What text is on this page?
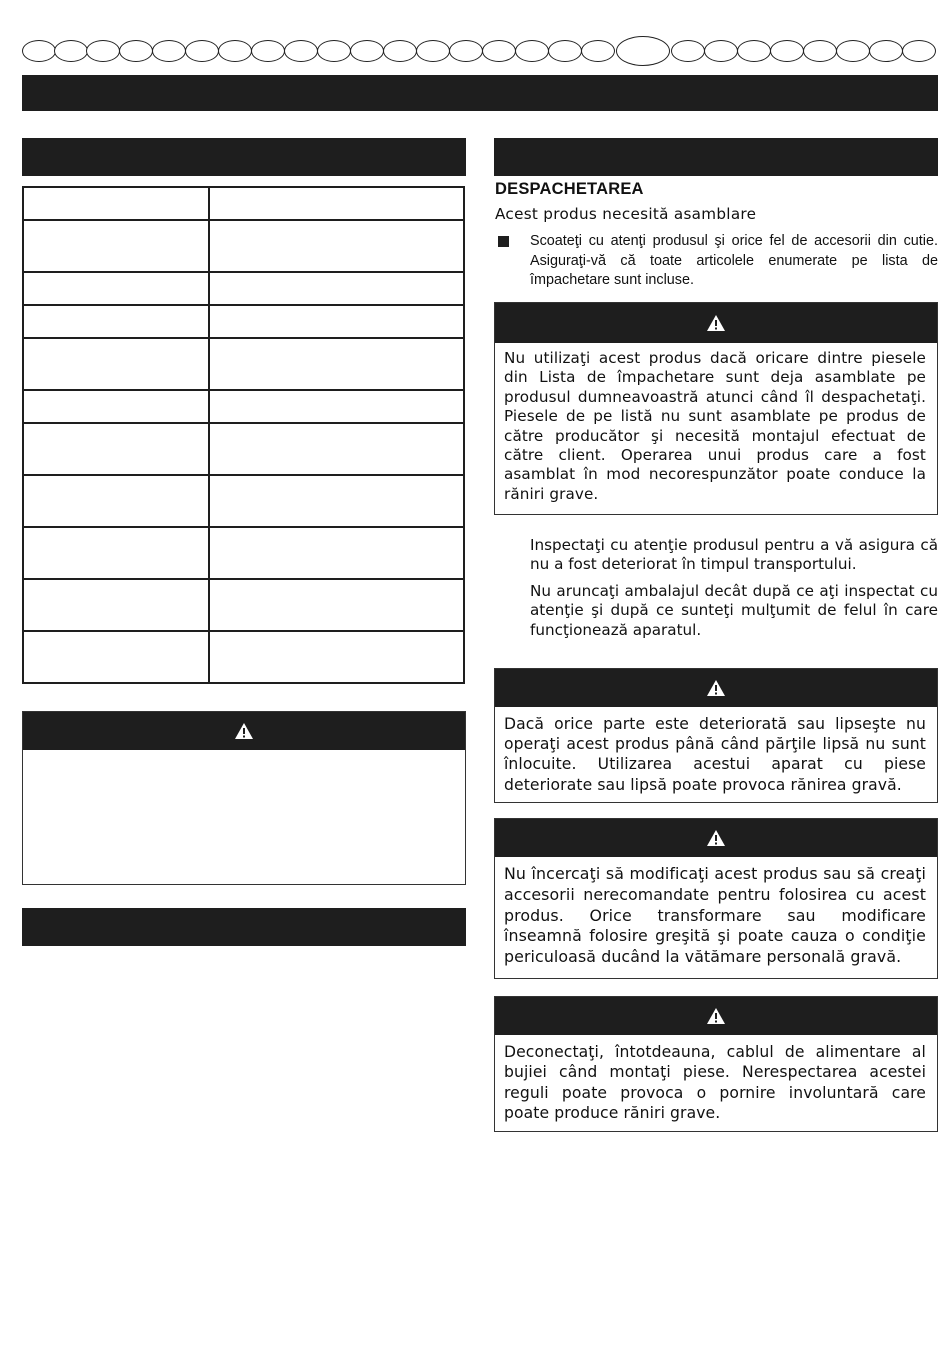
DESPACHETAREA
Acest produs necesită asamblare
Scoateţi cu atenţi produsul şi orice fel de accesorii din cutie. Asiguraţi-vă că toate articolele enumerate pe lista de împachetare sunt incluse.
Nu utilizaţi acest produs dacă oricare dintre piesele din Lista de împachetare sunt deja asamblate pe produsul dumneavoastră atunci când îl despachetaţi. Piesele de pe listă nu sunt asamblate pe produs de către producător şi necesită montajul efectuat de către client. Operarea unui produs care a fost asamblat în mod necorespunzător poate conduce la răniri grave.
Inspectaţi cu atenţie produsul pentru a vă asigura că nu a fost deteriorat în timpul transportului.
Nu aruncaţi ambalajul decât după ce aţi inspectat cu atenţie şi după ce sunteţi mulţumit de felul în care funcţionează aparatul.
Dacă orice parte este deteriorată sau lipseşte nu operaţi acest produs până când părţile lipsă nu sunt înlocuite. Utilizarea acestui aparat cu piese deteriorate sau lipsă poate provoca rănirea gravă.
Nu încercaţi să modificaţi acest produs sau să creaţi accesorii nerecomandate pentru folosirea cu acest produs. Orice transformare sau modificare înseamnă folosire greşită şi poate cauza o condiţie periculoasă ducând la vătămare personală gravă.
Deconectaţi, întotdeauna, cablul de alimentare al bujiei când montaţi piese. Nerespectarea acestei reguli poate provoca o pornire involuntară care poate produce răniri grave.
